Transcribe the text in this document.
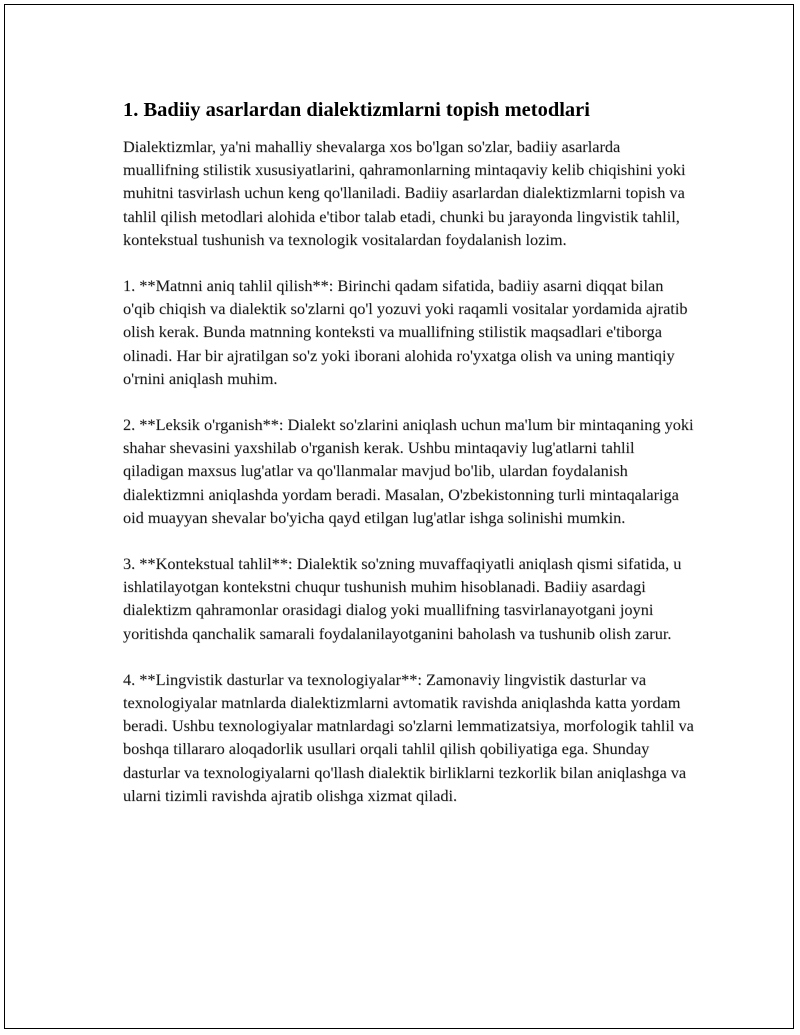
1. Badiiy asarlardan dialektizmlarni topish metodlari

Dialektizmlar, ya'ni mahalliy shevalarga xos bo'lgan so'zlar, badiiy asarlarda muallifning stilistik xususiyatlarini, qahramonlarning mintaqaviy kelib chiqishini yoki muhitni tasvirlash uchun keng qo'llaniladi. Badiiy asarlardan dialektizmlarni topish va tahlil qilish metodlari alohida e'tibor talab etadi, chunki bu jarayonda lingvistik tahlil, kontekstual tushunish va texnologik vositalardan foydalanish lozim.

1. **Matnni aniq tahlil qilish**: Birinchi qadam sifatida, badiiy asarni diqqat bilan o'qib chiqish va dialektik so'zlarni qo'l yozuvi yoki raqamli vositalar yordamida ajratib olish kerak. Bunda matnning konteksti va muallifning stilistik maqsadlari e'tiborga olinadi. Har bir ajratilgan so'z yoki iborani alohida ro'yxatga olish va uning mantiqiy o'rnini aniqlash muhim.

2. **Leksik o'rganish**: Dialekt so'zlarini aniqlash uchun ma'lum bir mintaqaning yoki shahar shevasini yaxshilab o'rganish kerak. Ushbu mintaqaviy lug'atlarni tahlil qiladigan maxsus lug'atlar va qo'llanmalar mavjud bo'lib, ulardan foydalanish dialektizmni aniqlashda yordam beradi. Masalan, O'zbekistonning turli mintaqalariga oid muayyan shevalar bo'yicha qayd etilgan lug'atlar ishga solinishi mumkin.

3. **Kontekstual tahlil**: Dialektik so'zning muvaffaqiyatli aniqlash qismi sifatida, u ishlatilayotgan kontekstni chuqur tushunish muhim hisoblanadi. Badiiy asardagi dialektizm qahramonlar orasidagi dialog yoki muallifning tasvirlanayotgani joyni yoritishda qanchalik samarali foydalanilayotganini baholash va tushunib olish zarur.

4. **Lingvistik dasturlar va texnologiyalar**: Zamonaviy lingvistik dasturlar va texnologiyalar matnlarda dialektizmlarni avtomatik ravishda aniqlashda katta yordam beradi. Ushbu texnologiyalar matnlardagi so'zlarni lemmatizatsiya, morfologik tahlil va boshqa tillararo aloqadorlik usullari orqali tahlil qilish qobiliyatiga ega. Shunday dasturlar va texnologiyalarni qo'llash dialektik birliklarni tezkorlik bilan aniqlashga va ularni tizimli ravishda ajratib olishga xizmat qiladi.
